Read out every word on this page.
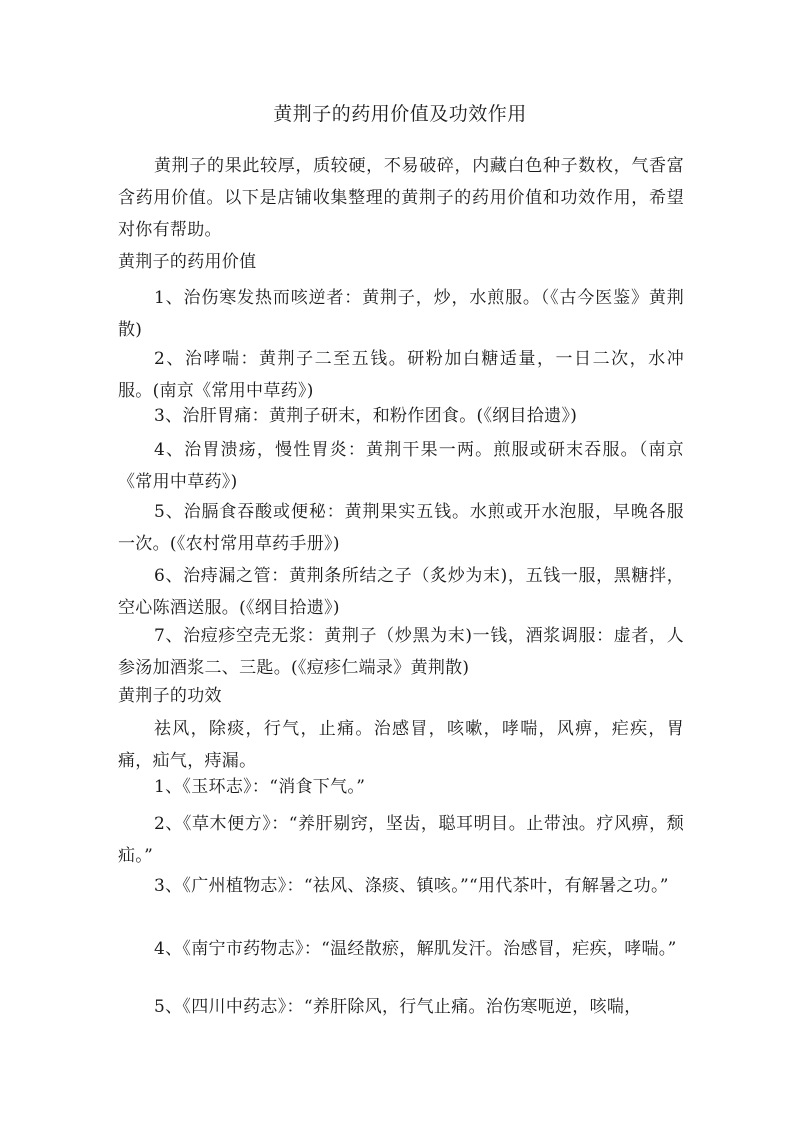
黄荆子的药用价值及功效作用
黄荆子的果此较厚，质较硬，不易破碎，内藏白色种子数枚，气香富含药用价值。以下是店铺收集整理的黄荆子的药用价值和功效作用，希望对你有帮助。
黄荆子的药用价值
1、治伤寒发热而咳逆者：黄荆子，炒，水煎服。（《古今医鉴》黄荆散)
2、治哮喘：黄荆子二至五钱。研粉加白糖适量，一日二次，水冲服。(南京《常用中草药》)
3、治肝胃痛：黄荆子研末，和粉作团食。(《纲目拾遗》)
4、治胃溃疡，慢性胃炎：黄荆干果一两。煎服或研末吞服。（南京《常用中草药》)
5、治膈食吞酸或便秘：黄荆果实五钱。水煎或开水泡服，早晚各服一次。(《农村常用草药手册》)
6、治痔漏之管：黄荆条所结之子（炙炒为末)，五钱一服，黑糖拌，空心陈酒送服。(《纲目拾遗》)
7、治痘疹空壳无浆：黄荆子（炒黑为末)一钱，酒浆调服：虚者，人参汤加酒浆二、三匙。(《痘疹仁端录》黄荆散)
黄荆子的功效
祛风，除痰，行气，止痛。治感冒，咳嗽，哮喘，风痹，疟疾，胃痛，疝气，痔漏。
1、《玉环志》：“消食下气。”
2、《草木便方》：“养肝剔窍，坚齿，聪耳明目。止带浊。疗风痹，颓疝。”
3、《广州植物志》：“祛风、涤痰、镇咳。”“用代茶叶，有解暑之功。”
4、《南宁市药物志》：“温经散瘀，解肌发汗。治感冒，疟疾，哮喘。”
5、《四川中药志》：“养肝除风，行气止痛。治伤寒呃逆，咳喘，
